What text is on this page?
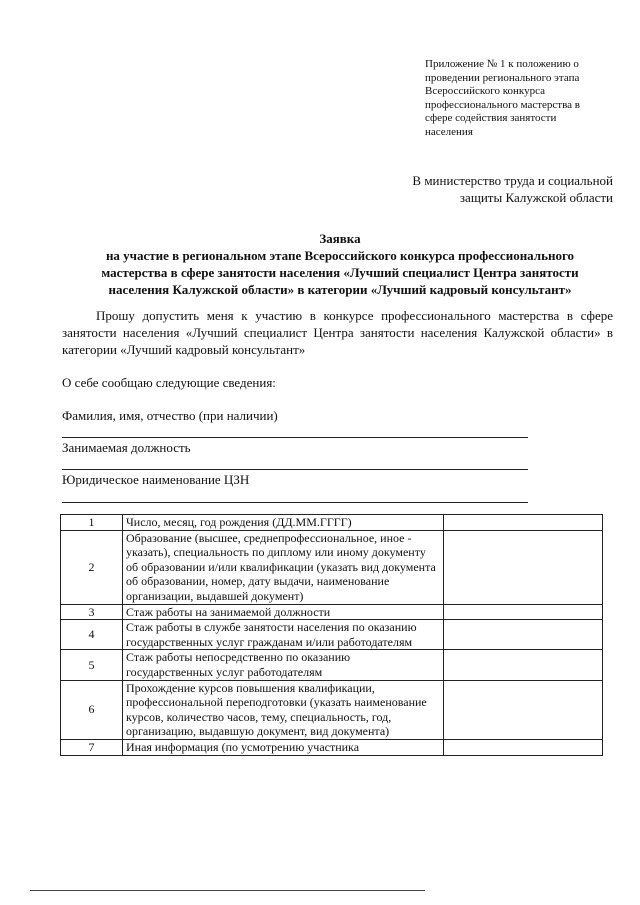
Приложение № 1 к положению о
проведении регионального этапа
Всероссийского конкурса
профессионального мастерства в
сфере содействия занятости
населения
В министерство труда и социальной
защиты Калужской области
Заявка
на участие в региональном этапе Всероссийского конкурса профессионального
мастерства в сфере занятости населения «Лучший специалист Центра занятости
населения Калужской области» в категории «Лучший кадровый консультант»

Прошу допустить меня к участию в конкурсе профессионального мастерства в сфере занятости населения «Лучший специалист Центра занятости населения Калужской области» в категории «Лучший кадровый консультант»

О себе сообщаю следующие сведения:
Фамилия, имя, отчество (при наличии)
Занимаемая должность
Юридическое наименование ЦЗН
1	Число, месяц, год рождения (ДД.ММ.ГГГГ)	
2	Образование (высшее, среднепрофессиональное, иное - указать), специальность по диплому или иному документу об образовании и/или квалификации (указать вид документа об образовании, номер, дату выдачи, наименование организации, выдавшей документ)	
3	Стаж работы на занимаемой должности	
4	Стаж работы в службе занятости населения по оказанию государственных услуг гражданам и/или работодателям	
5	Стаж работы непосредственно по оказанию государственных услуг работодателям	
6	Прохождение курсов повышения квалификации, профессиональной переподготовки (указать наименование курсов, количество часов, тему, специальность, год, организацию, выдавшую документ, вид документа)	
7	Иная информация (по усмотрению участника	
